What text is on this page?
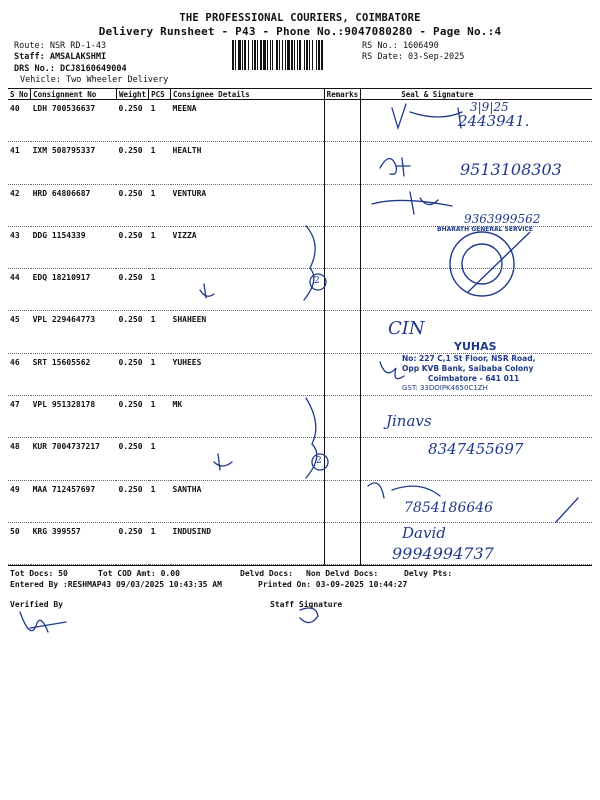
THE PROFESSIONAL COURIERS, COIMBATORE
Delivery Runsheet - P43 - Phone No.:9047080280 - Page No.:4
Route: NSR RD-1-43
Staff: AMSALAKSHMI
DRS No.: DCJ8160649004
Vehicle: Two Wheeler Delivery
RS No.: 1606490
RS Date: 03-Sep-2025
S No	Consignment No	Weight	PCS	Consignee Details	Remarks	Seal & Signature
40	LDH 700536637	0.250	1	MEENA		
41	IXM 508795337	0.250	1	HEALTH		
42	HRD 64806687	0.250	1	VENTURA		
43	DDG 1154339	0.250	1	VIZZA		
44	EDQ 18210917	0.250	1			
45	VPL 229464773	0.250	1	SHAHEEN		
46	SRT 15605562	0.250	1	YUHEES		
47	VPL 951328178	0.250	1	MK		
48	KUR 7004737217	0.250	1			
49	MAA 712457697	0.250	1	SANTHA		
50	KRG 399557	0.250	1	INDUSIND		
2443941.
3|9|25
9513108303
9363999562
CIN
Jinavs
8347455697
7854186646
David
9994994737
2
2
BHARATH GENERAL SERVICE
YUHAS
No: 227 C,1 St Floor, NSR Road,
Opp KVB Bank, Saibaba Colony
Coimbatore - 641 011
GST: 33DOIPK4650C1ZH
Tot Docs: 50	Tot COD Amt: 0.00	Delvd Docs: Non Delvd Docs:	Delvy Pts:
Entered By :RESHMAP43 09/03/2025 10:43:35 AM	Printed On: 03-09-2025 10:44:27
Verified By	Staff Signature
